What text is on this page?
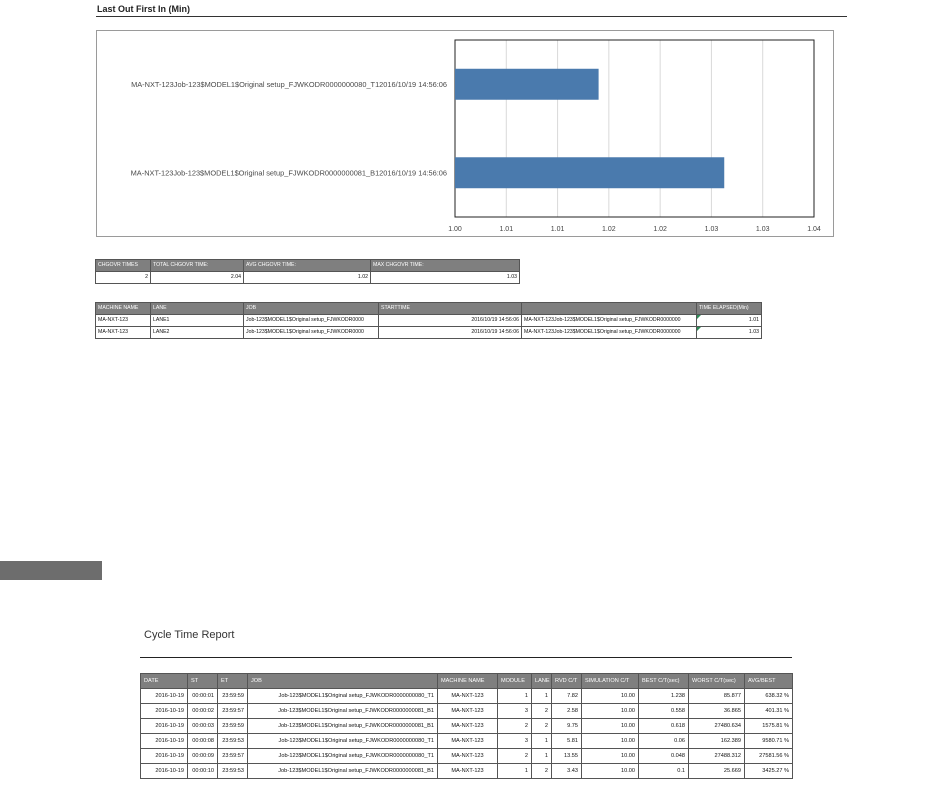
Last Out First In (Min)
1.00	1.01	1.01	1.02	1.02	1.03	1.03	1.04
MA-NXT-123Job-123$MODEL1$Original setup_FJWKODR0000000080_T12016/10/19 14:56:06
MA-NXT-123Job-123$MODEL1$Original setup_FJWKODR0000000081_B12016/10/19 14:56:06
CHGOVR TIMES	TOTAL CHGOVR TIME:	AVG CHGOVR TIME:	MAX CHGOVR TIME:
2	2.04	1.02	1.03
MACHINE NAME	LANE	JOB	STARTTIME		TIME ELAPSED(Min)
MA-NXT-123	LANE1	Job-123$MODEL1$Original setup_FJWKODR0000	2016/10/19 14:56:06	MA-NXT-123Job-123$MODEL1$Original setup_FJWKODR0000000	1.01
MA-NXT-123	LANE2	Job-123$MODEL1$Original setup_FJWKODR0000	2016/10/19 14:56:06	MA-NXT-123Job-123$MODEL1$Original setup_FJWKODR0000000	1.03
Cycle Time Report
DATE	ST	ET	JOB	MACHINE NAME	MODULE	LANE	RVD C/T	SIMULATION C/T	BEST C/T(sec)	WORST C/T(sec)	AVG/BEST
2016-10-19	00:00:01	23:59:59	Job-123$MODEL1$Original setup_FJWKODR0000000080_T1	MA-NXT-123	1	1	7.82	10.00	1.238	85.877	638.32 %
2016-10-19	00:00:02	23:59:57	Job-123$MODEL1$Original setup_FJWKODR0000000081_B1	MA-NXT-123	3	2	2.58	10.00	0.558	36.865	401.31 %
2016-10-19	00:00:03	23:59:59	Job-123$MODEL1$Original setup_FJWKODR0000000081_B1	MA-NXT-123	2	2	9.75	10.00	0.618	27480.634	1575.81 %
2016-10-19	00:00:08	23:59:53	Job-123$MODEL1$Original setup_FJWKODR0000000080_T1	MA-NXT-123	3	1	5.81	10.00	0.06	162.389	9580.71 %
2016-10-19	00:00:09	23:59:57	Job-123$MODEL1$Original setup_FJWKODR0000000080_T1	MA-NXT-123	2	1	13.55	10.00	0.048	27488.312	27581.56 %
2016-10-19	00:00:10	23:59:53	Job-123$MODEL1$Original setup_FJWKODR0000000081_B1	MA-NXT-123	1	2	3.43	10.00	0.1	25.669	3425.27 %
